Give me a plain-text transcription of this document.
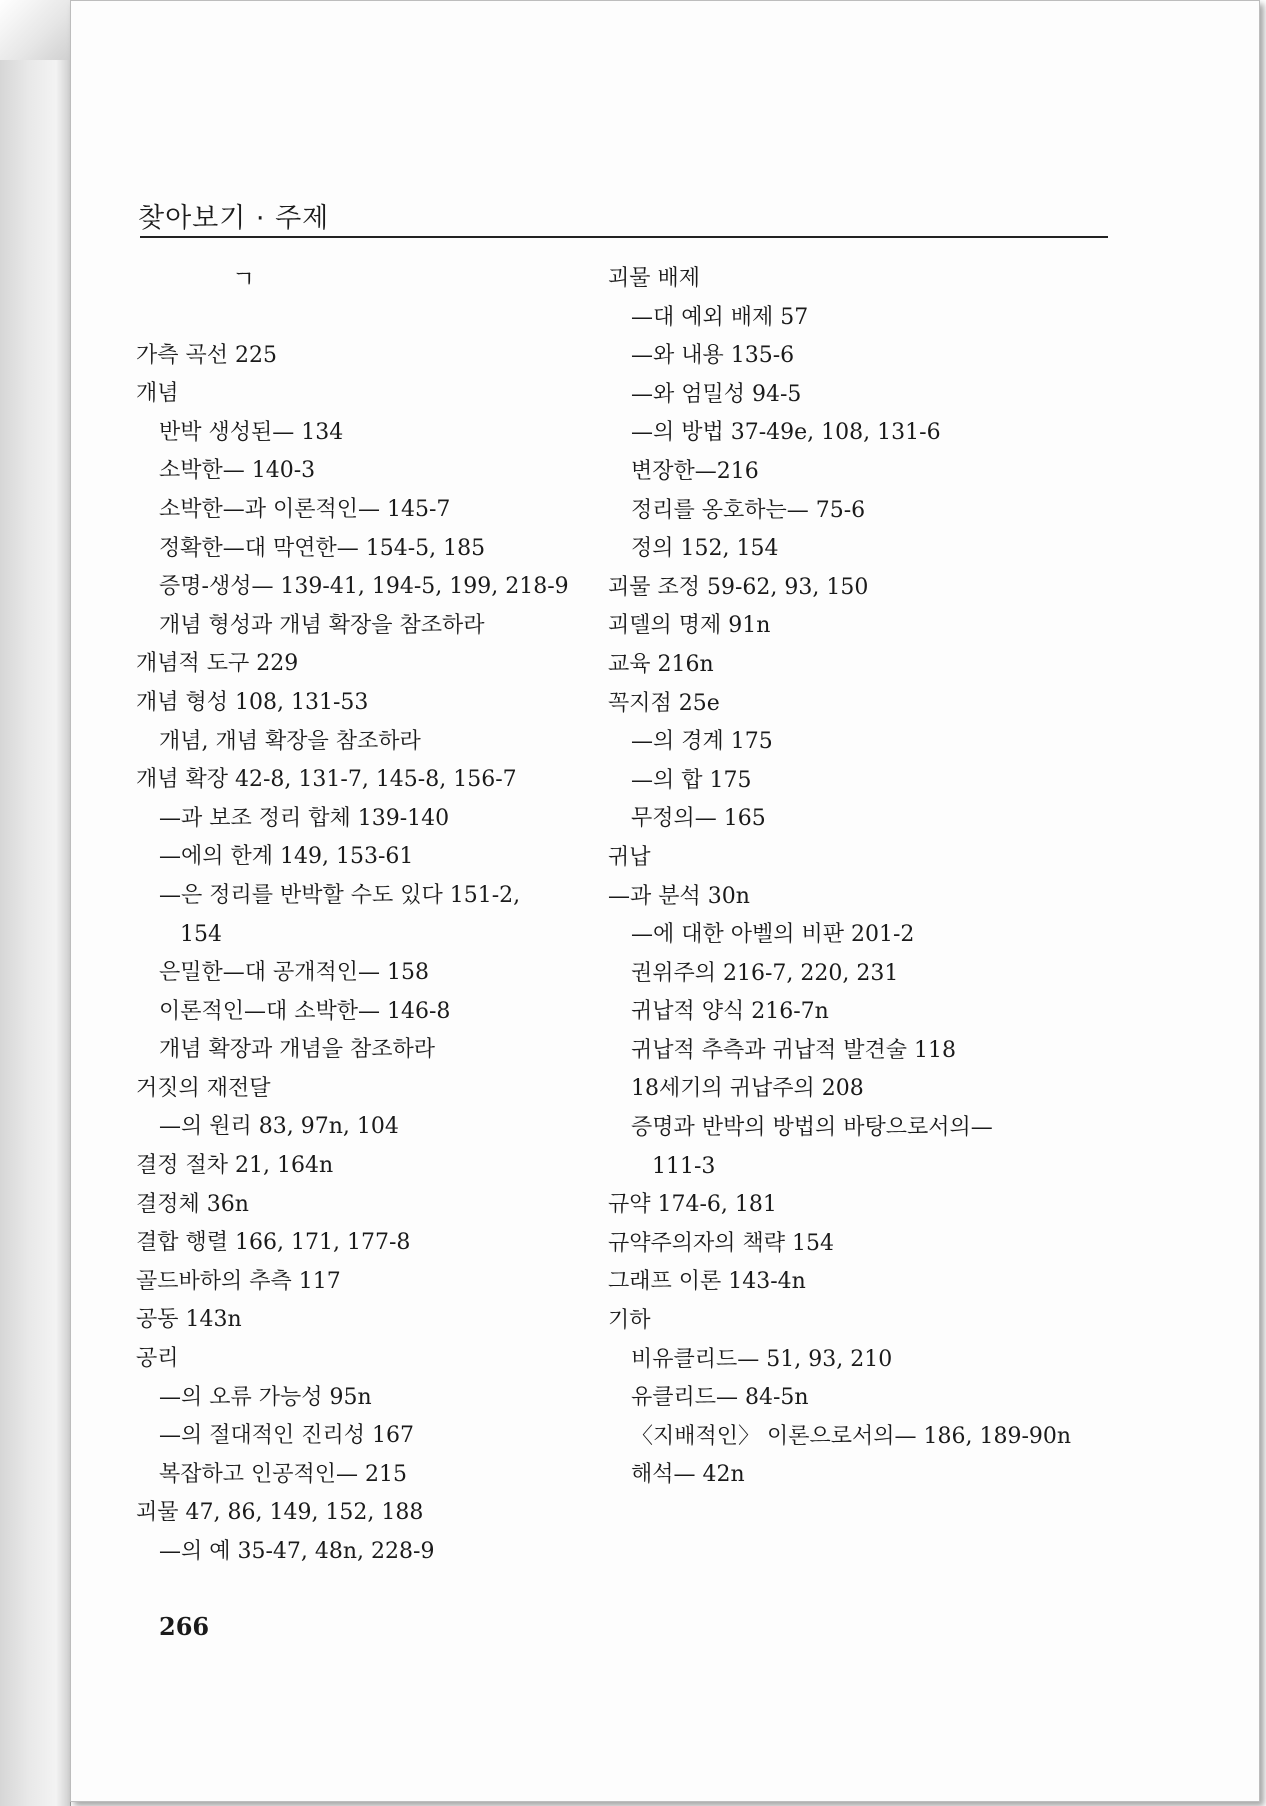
찾아보기 · 주제
ㄱ
가측 곡선 225
개념
반박 생성된— 134
소박한— 140-3
소박한—과 이론적인— 145-7
정확한—대 막연한— 154-5, 185
증명-생성— 139-41, 194-5, 199, 218-9
개념 형성과 개념 확장을 참조하라
개념적 도구 229
개념 형성 108, 131-53
개념, 개념 확장을 참조하라
개념 확장 42-8, 131-7, 145-8, 156-7
—과 보조 정리 합체 139-140
—에의 한계 149, 153-61
—은 정리를 반박할 수도 있다 151-2,
154
은밀한—대 공개적인— 158
이론적인—대 소박한— 146-8
개념 확장과 개념을 참조하라
거짓의 재전달
—의 원리 83, 97n, 104
결정 절차 21, 164n
결정체 36n
결합 행렬 166, 171, 177-8
골드바하의 추측 117
공동 143n
공리
—의 오류 가능성 95n
—의 절대적인 진리성 167
복잡하고 인공적인— 215
괴물 47, 86, 149, 152, 188
—의 예 35-47, 48n, 228-9
괴물 배제
—대 예외 배제 57
—와 내용 135-6
—와 엄밀성 94-5
—의 방법 37-49e, 108, 131-6
변장한—216
정리를 옹호하는— 75-6
정의 152, 154
괴물 조정 59-62, 93, 150
괴델의 명제 91n
교육 216n
꼭지점 25e
—의 경계 175
—의 합 175
무정의— 165
귀납
—과 분석 30n
—에 대한 아벨의 비판 201-2
권위주의 216-7, 220, 231
귀납적 양식 216-7n
귀납적 추측과 귀납적 발견술 118
18세기의 귀납주의 208
증명과 반박의 방법의 바탕으로서의—
111-3
규약 174-6, 181
규약주의자의 책략 154
그래프 이론 143-4n
기하
비유클리드— 51, 93, 210
유클리드— 84-5n
〈지배적인〉 이론으로서의— 186, 189-90n
해석— 42n
266
